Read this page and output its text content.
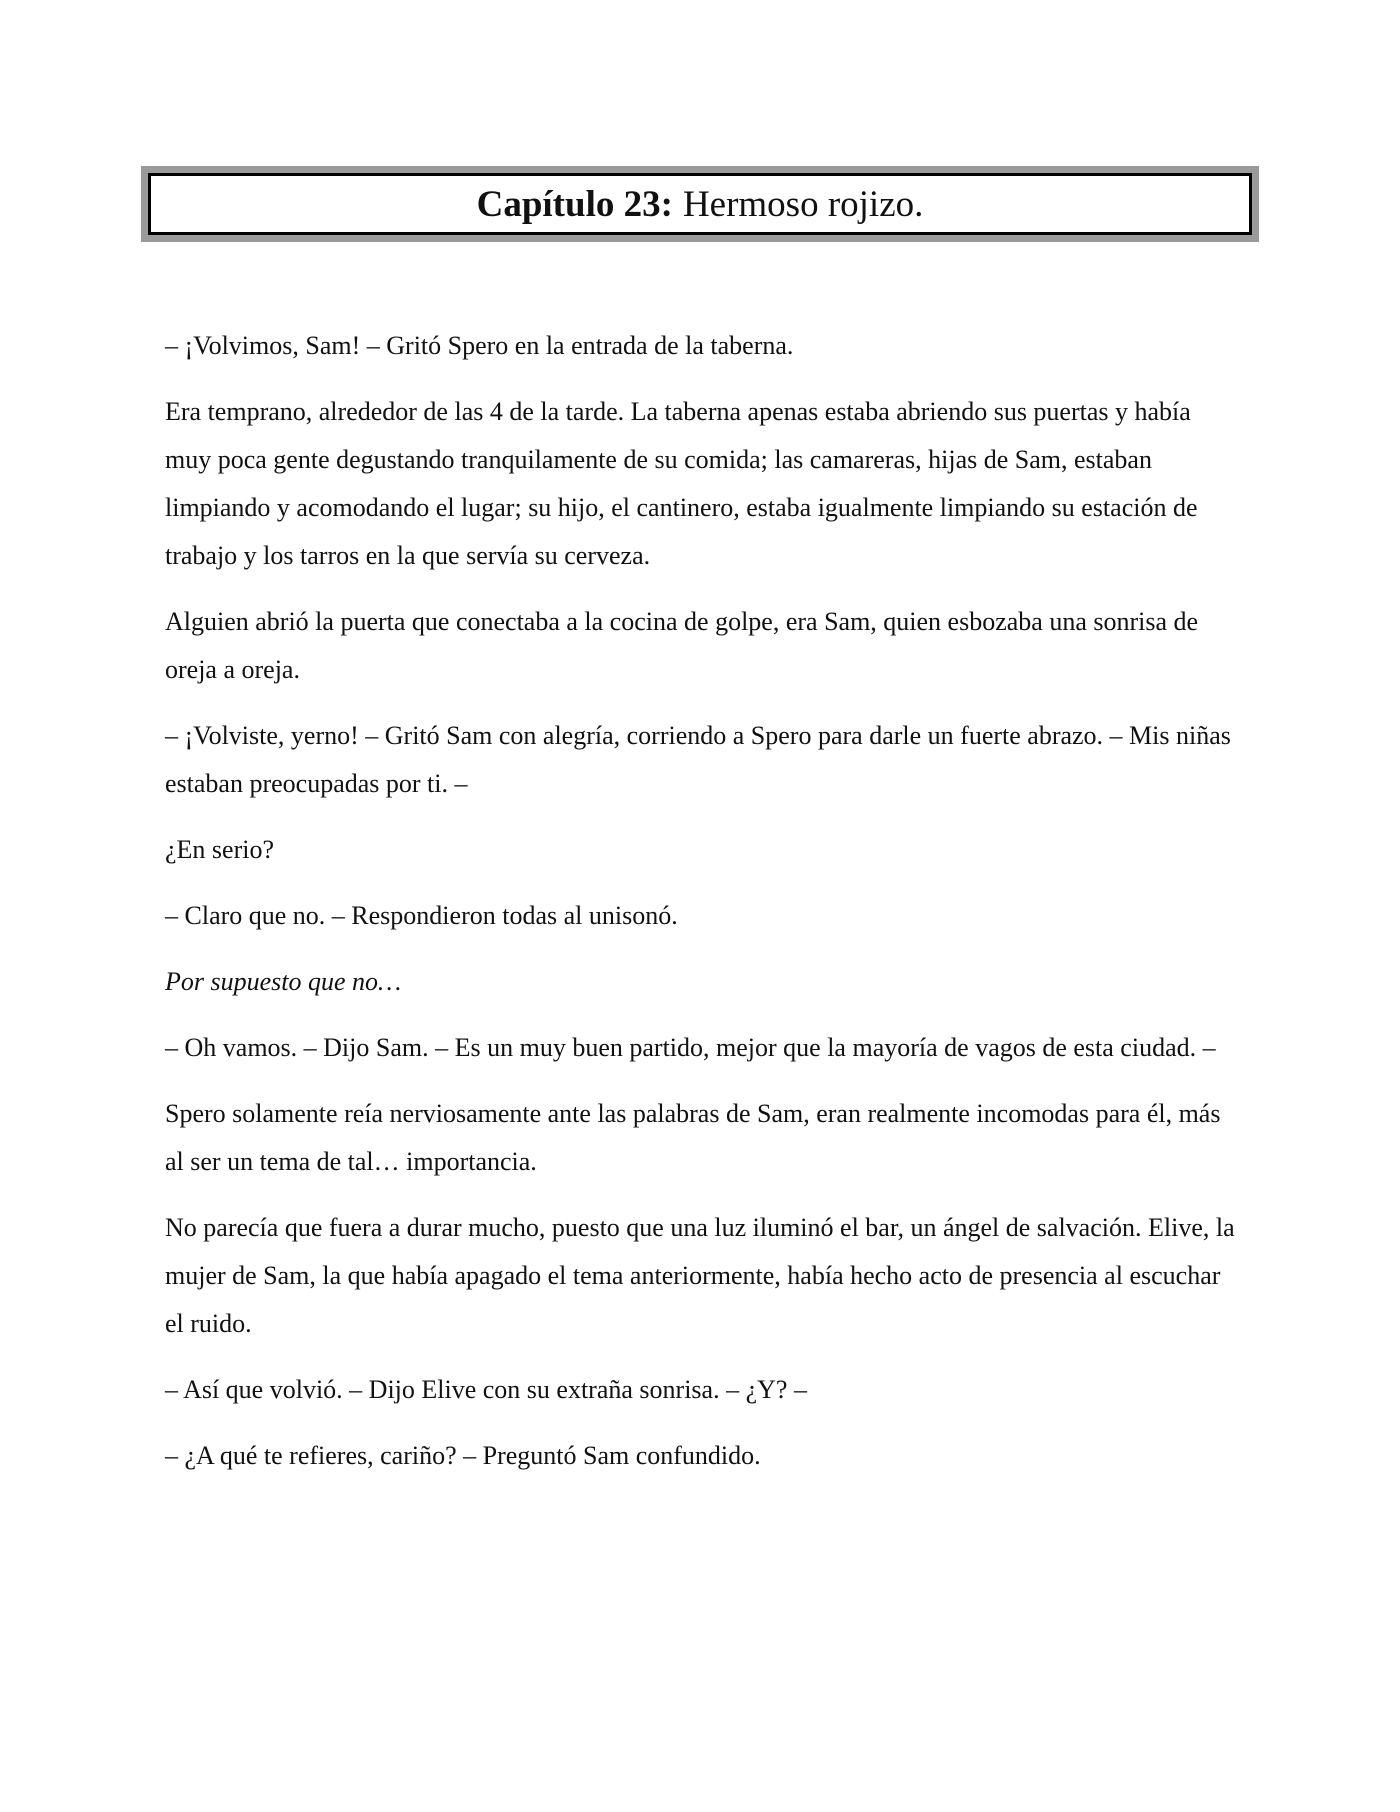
Capítulo 23: Hermoso rojizo.

– ¡Volvimos, Sam! – Gritó Spero en la entrada de la taberna.

Era temprano, alrededor de las 4 de la tarde. La taberna apenas estaba abriendo sus puertas y había muy poca gente degustando tranquilamente de su comida; las camareras, hijas de Sam, estaban limpiando y acomodando el lugar; su hijo, el cantinero, estaba igualmente limpiando su estación de trabajo y los tarros en la que servía su cerveza.

Alguien abrió la puerta que conectaba a la cocina de golpe, era Sam, quien esbozaba una sonrisa de oreja a oreja.

– ¡Volviste, yerno! – Gritó Sam con alegría, corriendo a Spero para darle un fuerte abrazo. – Mis niñas estaban preocupadas por ti. –

¿En serio?

– Claro que no. – Respondieron todas al unisonó.

Por supuesto que no…

– Oh vamos. – Dijo Sam. – Es un muy buen partido, mejor que la mayoría de vagos de esta ciudad. –

Spero solamente reía nerviosamente ante las palabras de Sam, eran realmente incomodas para él, más al ser un tema de tal… importancia.

No parecía que fuera a durar mucho, puesto que una luz iluminó el bar, un ángel de salvación. Elive, la mujer de Sam, la que había apagado el tema anteriormente, había hecho acto de presencia al escuchar el ruido.

– Así que volvió. – Dijo Elive con su extraña sonrisa. – ¿Y? –

– ¿A qué te refieres, cariño? – Preguntó Sam confundido.
